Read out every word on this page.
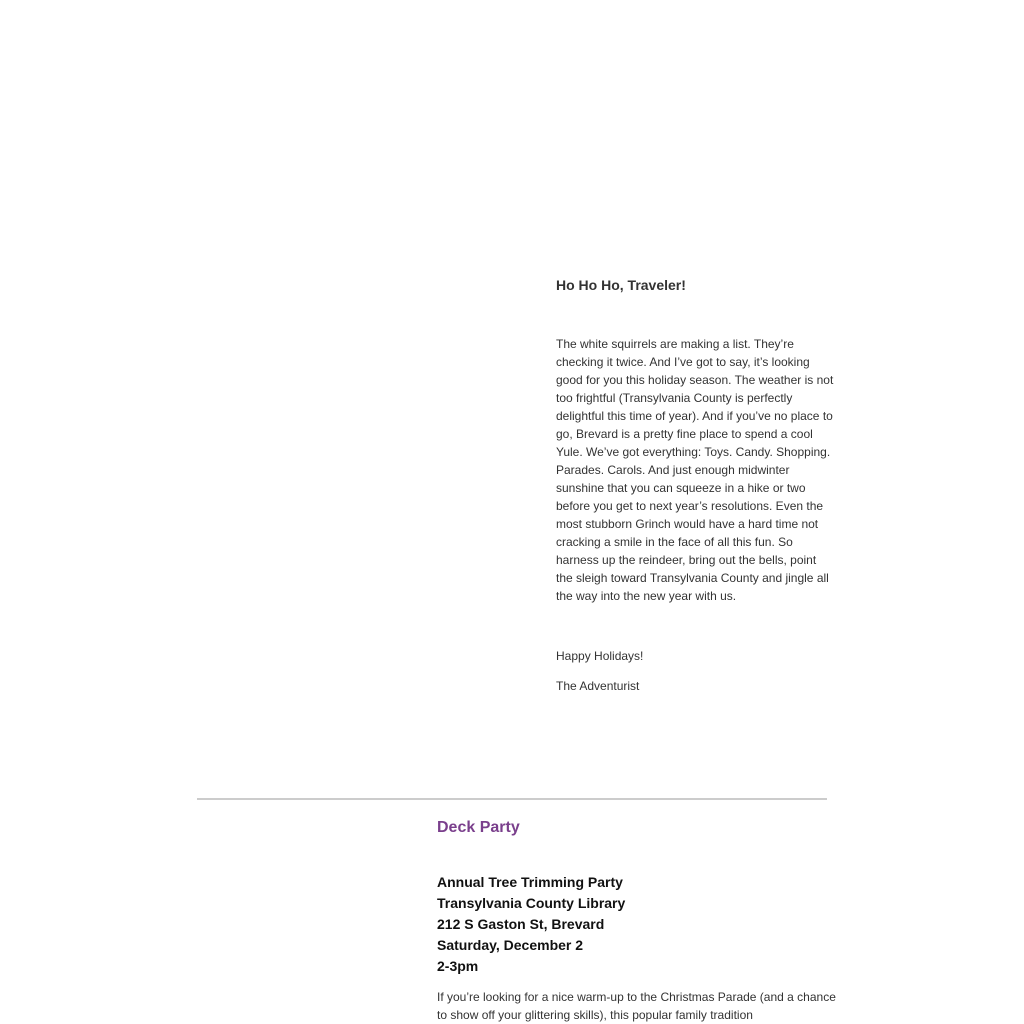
Ho Ho Ho, Traveler!

The white squirrels are making a list. They’re checking it twice. And I’ve got to say, it’s looking good for you this holiday season. The weather is not too frightful (Transylvania County is perfectly delightful this time of year). And if you’ve no place to go, Brevard is a pretty fine place to spend a cool Yule. We’ve got everything: Toys. Candy. Shopping. Parades. Carols. And just enough midwinter sunshine that you can squeeze in a hike or two before you get to next year’s resolutions. Even the most stubborn Grinch would have a hard time not cracking a smile in the face of all this fun. So harness up the reindeer, bring out the bells, point the sleigh toward Transylvania County and jingle all the way into the new year with us.

Happy Holidays!

The Adventurist

Deck Party
Annual Tree Trimming Party
Transylvania County Library
212 S Gaston St, Brevard
Saturday, December 2
2-3pm

If you’re looking for a nice warm-up to the Christmas Parade (and a chance to show off your glittering skills), this popular family tradition
